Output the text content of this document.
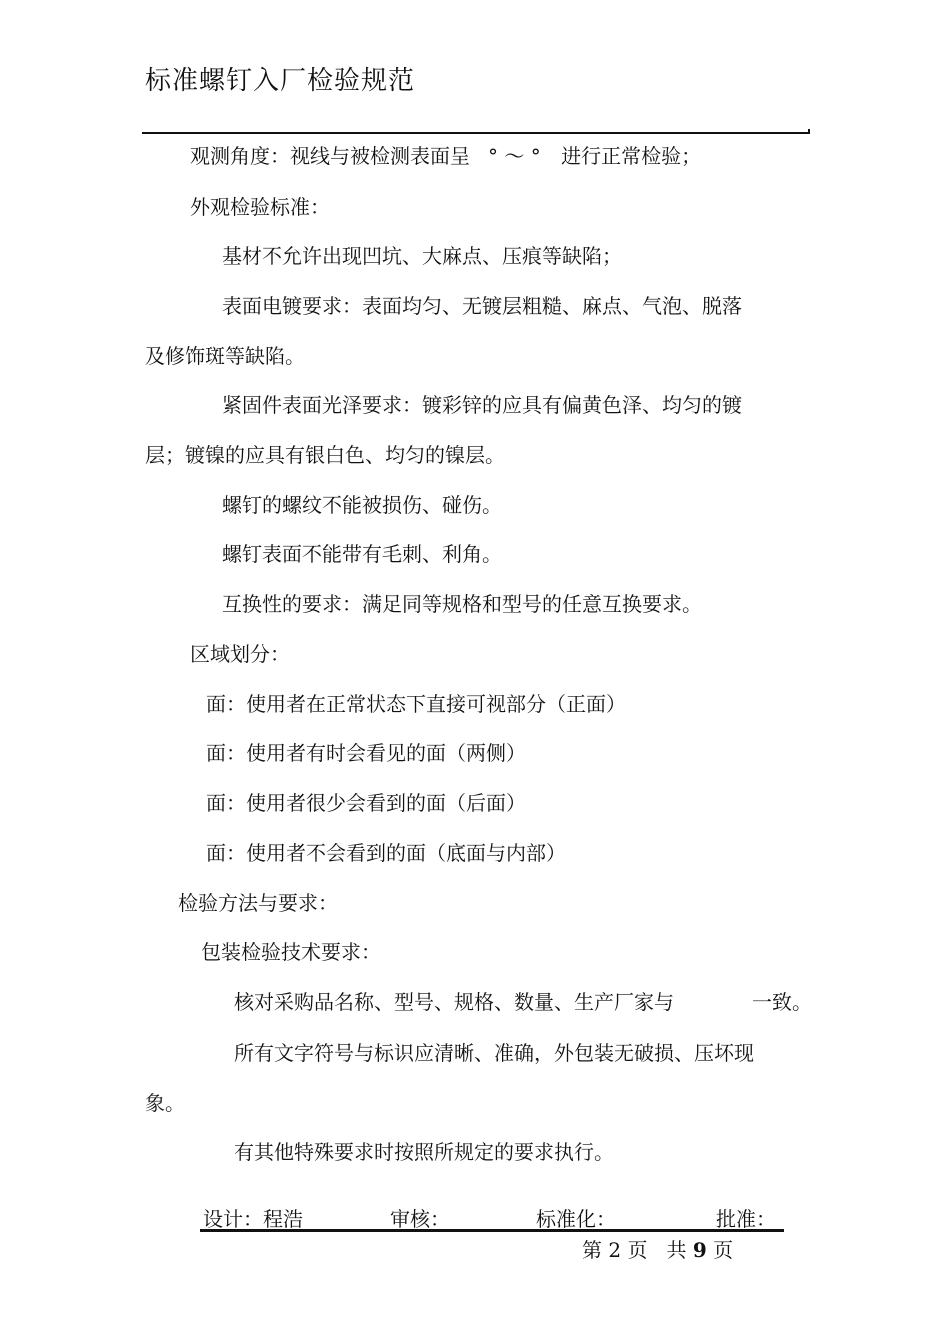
标准螺钉入厂检验规范
观测角度：视线与被检测表面呈 ° ～ ° 进行正常检验；
外观检验标准：
基材不允许出现凹坑、大麻点、压痕等缺陷；
表面电镀要求：表面均匀、无镀层粗糙、麻点、气泡、脱落
及修饰斑等缺陷。
紧固件表面光泽要求：镀彩锌的应具有偏黄色泽、均匀的镀
层；镀镍的应具有银白色、均匀的镍层。
螺钉的螺纹不能被损伤、碰伤。
螺钉表面不能带有毛刺、利角。
互换性的要求：满足同等规格和型号的任意互换要求。
区域划分：
面：使用者在正常状态下直接可视部分（正面）
面：使用者有时会看见的面（两侧）
面：使用者很少会看到的面（后面）
面：使用者不会看到的面（底面与内部）
检验方法与要求：
包装检验技术要求：
核对采购品名称、型号、规格、数量、生产厂家与	一致。
所有文字符号与标识应清晰、准确，外包装无破损、压坏现
象。
有其他特殊要求时按照所规定的要求执行。
设计：程浩	审核：	标准化：	批准：
第 2 页 共 9 页
